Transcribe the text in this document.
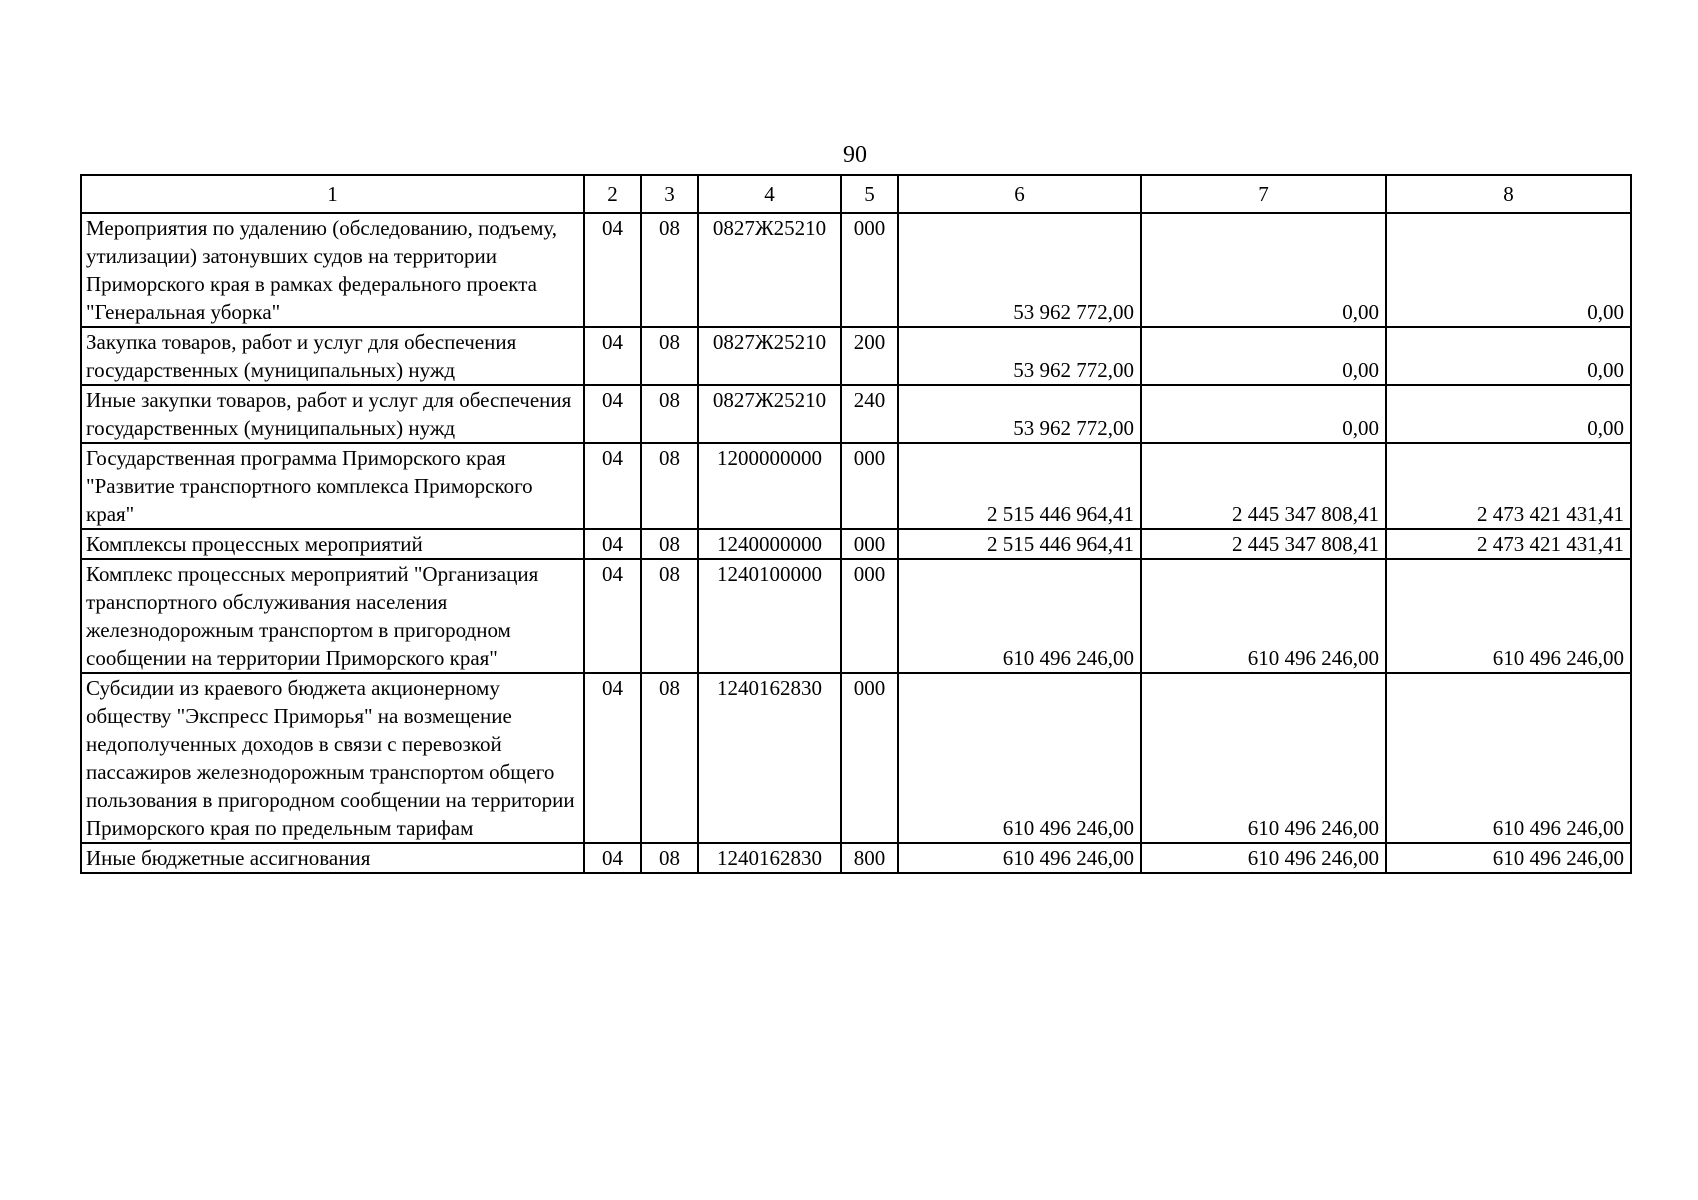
90
1	2	3	4	5	6	7	8
Мероприятия по удалению (обследованию, подъему, утилизации) затонувших судов на территории Приморского края в рамках федерального проекта "Генеральная уборка"	04	08	0827Ж25210	000	53 962 772,00	0,00	0,00
Закупка товаров, работ и услуг для обеспечения государственных (муниципальных) нужд	04	08	0827Ж25210	200	53 962 772,00	0,00	0,00
Иные закупки товаров, работ и услуг для обеспечения государственных (муниципальных) нужд	04	08	0827Ж25210	240	53 962 772,00	0,00	0,00
Государственная программа Приморского края "Развитие транспортного комплекса Приморского края"	04	08	1200000000	000	2 515 446 964,41	2 445 347 808,41	2 473 421 431,41
Комплексы процессных мероприятий	04	08	1240000000	000	2 515 446 964,41	2 445 347 808,41	2 473 421 431,41
Комплекс процессных мероприятий "Организация транспортного обслуживания населения железнодорожным транспортом в пригородном сообщении на территории Приморского края"	04	08	1240100000	000	610 496 246,00	610 496 246,00	610 496 246,00
Субсидии из краевого бюджета акционерному обществу "Экспресс Приморья" на возмещение недополученных доходов в связи с перевозкой пассажиров железнодорожным транспортом общего пользования в пригородном сообщении на территории Приморского края по предельным тарифам	04	08	1240162830	000	610 496 246,00	610 496 246,00	610 496 246,00
Иные бюджетные ассигнования	04	08	1240162830	800	610 496 246,00	610 496 246,00	610 496 246,00
